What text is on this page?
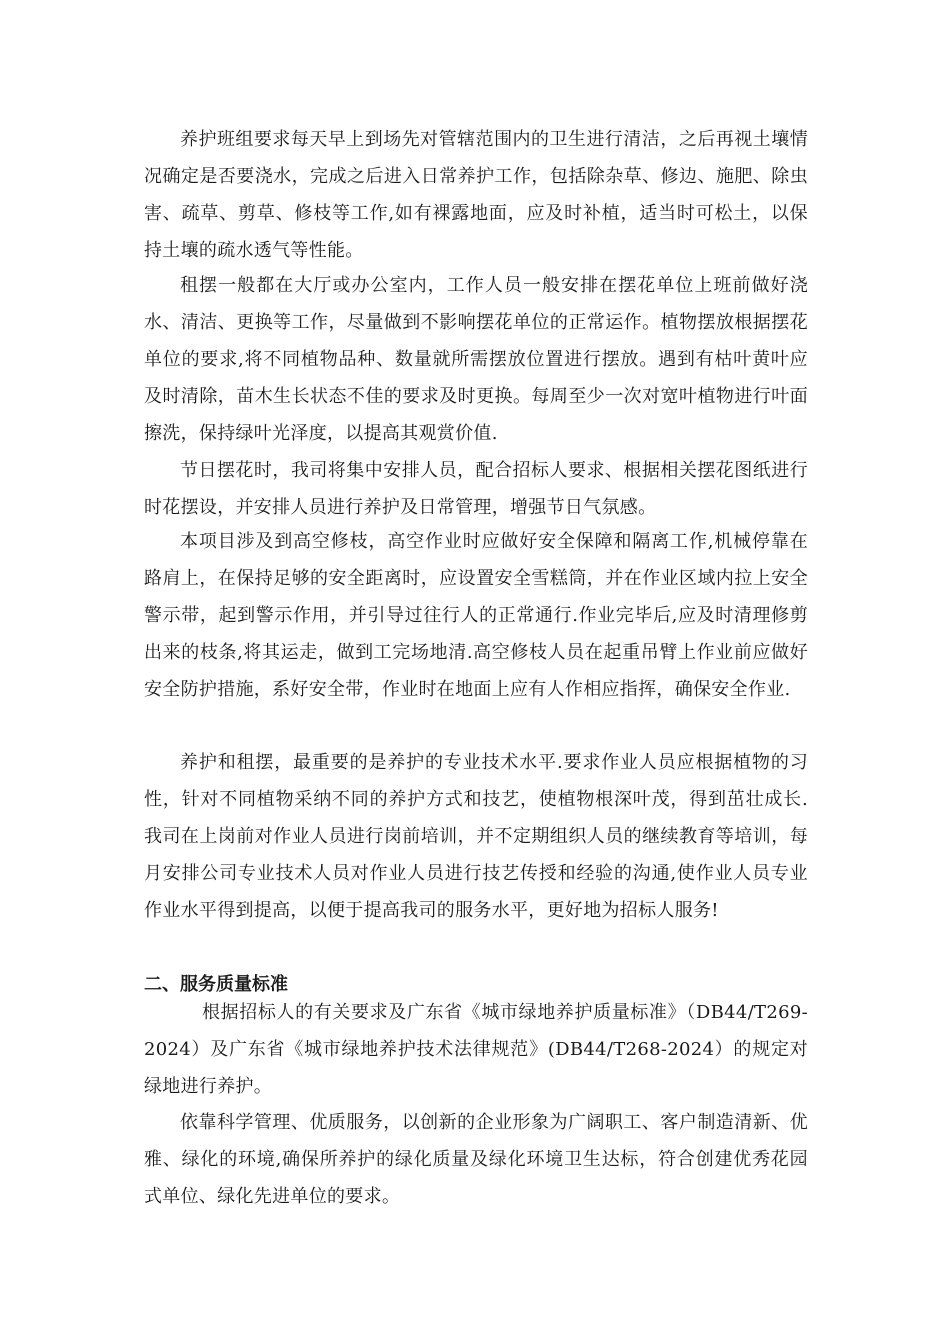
养护班组要求每天早上到场先对管辖范围内的卫生进行清洁，之后再视土壤情况确定是否要浇水，完成之后进入日常养护工作，包括除杂草、修边、施肥、除虫害、疏草、剪草、修枝等工作,如有裸露地面，应及时补植，适当时可松土，以保持土壤的疏水透气等性能。

租摆一般都在大厅或办公室内，工作人员一般安排在摆花单位上班前做好浇水、清洁、更换等工作，尽量做到不影响摆花单位的正常运作。植物摆放根据摆花单位的要求,将不同植物品种、数量就所需摆放位置进行摆放。遇到有枯叶黄叶应及时清除，苗木生长状态不佳的要求及时更换。每周至少一次对宽叶植物进行叶面擦洗，保持绿叶光泽度，以提高其观赏价值.

节日摆花时，我司将集中安排人员，配合招标人要求、根据相关摆花图纸进行时花摆设，并安排人员进行养护及日常管理，增强节日气氛感。

本项目涉及到高空修枝，高空作业时应做好安全保障和隔离工作,机械停靠在路肩上，在保持足够的安全距离时，应设置安全雪糕筒，并在作业区域内拉上安全警示带，起到警示作用，并引导过往行人的正常通行.作业完毕后,应及时清理修剪出来的枝条,将其运走，做到工完场地清.高空修枝人员在起重吊臂上作业前应做好安全防护措施，系好安全带，作业时在地面上应有人作相应指挥，确保安全作业.

养护和租摆，最重要的是养护的专业技术水平.要求作业人员应根据植物的习性，针对不同植物采纳不同的养护方式和技艺，使植物根深叶茂，得到茁壮成长.我司在上岗前对作业人员进行岗前培训，并不定期组织人员的继续教育等培训，每月安排公司专业技术人员对作业人员进行技艺传授和经验的沟通,使作业人员专业作业水平得到提高，以便于提高我司的服务水平，更好地为招标人服务!

二、服务质量标准

根据招标人的有关要求及广东省《城市绿地养护质量标准》（DB44/T269-2024）及广东省《城市绿地养护技术法律规范》(DB44/T268-2024）的规定对绿地进行养护。

依靠科学管理、优质服务，以创新的企业形象为广阔职工、客户制造清新、优雅、绿化的环境,确保所养护的绿化质量及绿化环境卫生达标，符合创建优秀花园式单位、绿化先进单位的要求。
